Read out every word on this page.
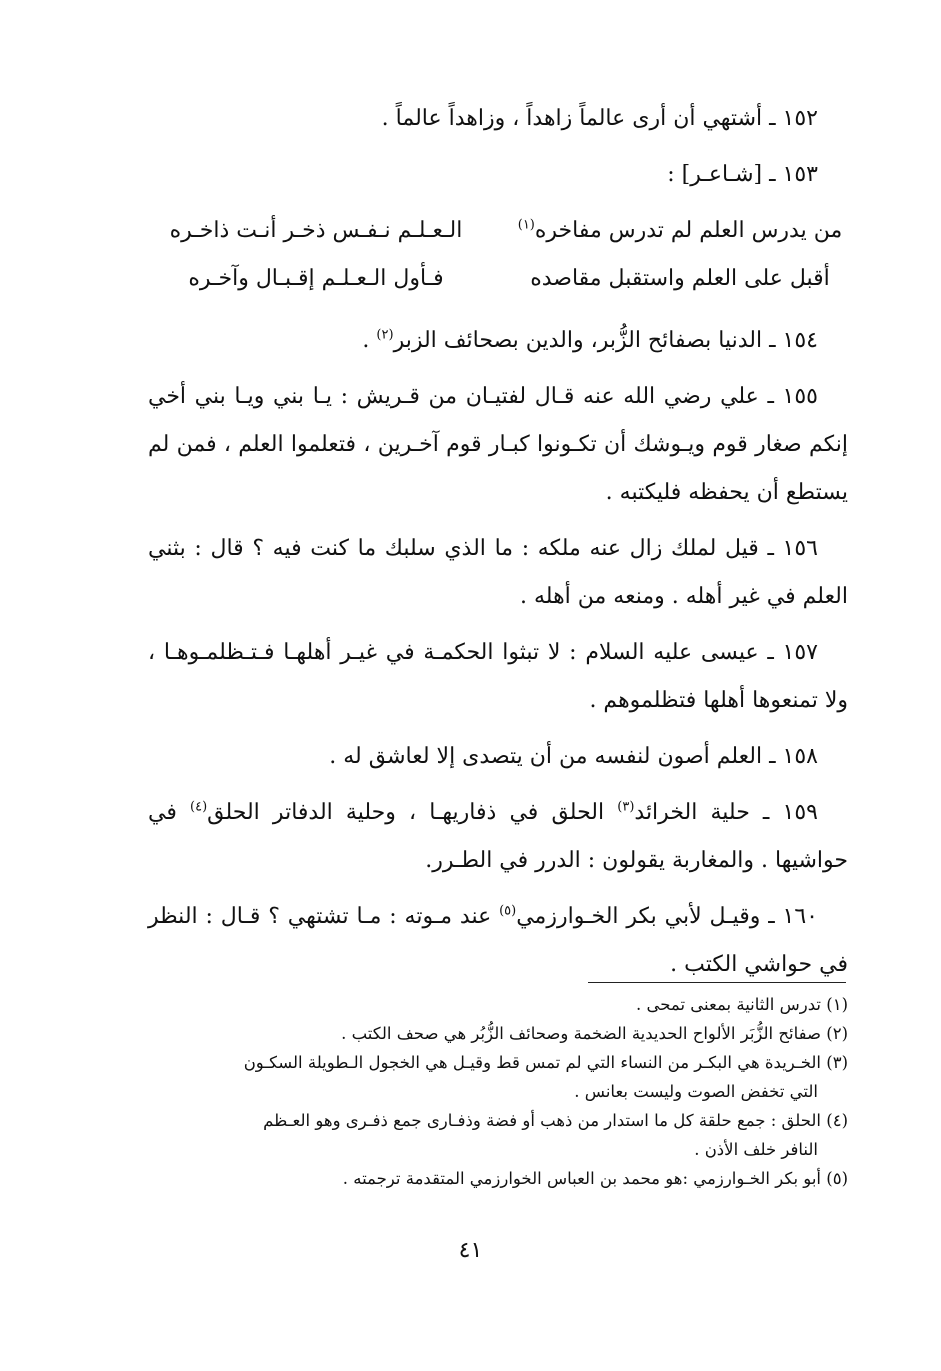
١٥٢ ـ أشتهي أن أرى عالماً زاهداً ، وزاهداً عالماً .

١٥٣ ـ [شـاعـر] :

من يدرس العلم لم تدرس مفاخره$^{(١)}$
الـعـلـم نـفـس ذخـر أنـت ذاخـره
أقبل على العلم واستقبل مقاصده
فـأول الـعـلـم إقـبـال وآخـره

١٥٤ ـ الدنيا بصفائح الزُّبر، والدين بصحائف الزبر$^{(٢)}$ .

١٥٥ ـ علي رضي الله عنه قـال لفتيـان من قـريش : يـا بني ويـا بني أخي إنكم صغار قوم ويـوشك أن تكـونوا كبـار قوم آخـرين ، فتعلموا العلم ، فمن لم يستطع أن يحفظه فليكتبه .

١٥٦ ـ قيل لملك زال عنه ملكه : ما الذي سلبك ما كنت فيه ؟ قال : بثني العلم في غير أهله . ومنعه من أهله .

١٥٧ ـ عيسى عليه السلام : لا تبثوا الحكمـة في غيـر أهلهـا فـتـظلمـوهـا ، ولا تمنعوها أهلها فتظلموهم .

١٥٨ ـ العلم أصون لنفسه من أن يتصدى إلا لعاشق له .

١٥٩ ـ حلية الخرائد$^{(٣)}$ الحلق في ذفاريهـا ، وحلية الدفاتر الحلق$^{(٤)}$ في حواشيها . والمغاربة يقولون : الدرر في الطـرر.

١٦٠ ـ وقيـل لأبي بكر الخـوارزمي$^{(٥)}$ عند مـوته : مـا تشتهي ؟ قـال : النظر في حواشي الكتب .

(١) تدرس الثانية بمعنى تمحى .

(٢) صفائح الزُّبَر الألواح الحديدية الضخمة وصحائف الزُّبُر هي صحف الكتب .

(٣) الخـريدة هي البكـر من النساء التي لم تمس قط وقيـل هي الخجول الـطويلة السكـون
التي تخفض الصوت وليست بعانس .

(٤) الحلق : جمع حلقة كل ما استدار من ذهب أو فضة وذفـارى جمع ذفـرى وهو العـظم
النافر خلف الأذن .

(٥) أبو بكر الخـوارزمي :هو محمد بن العباس الخوارزمي المتقدمة ترجمته .

٤١
